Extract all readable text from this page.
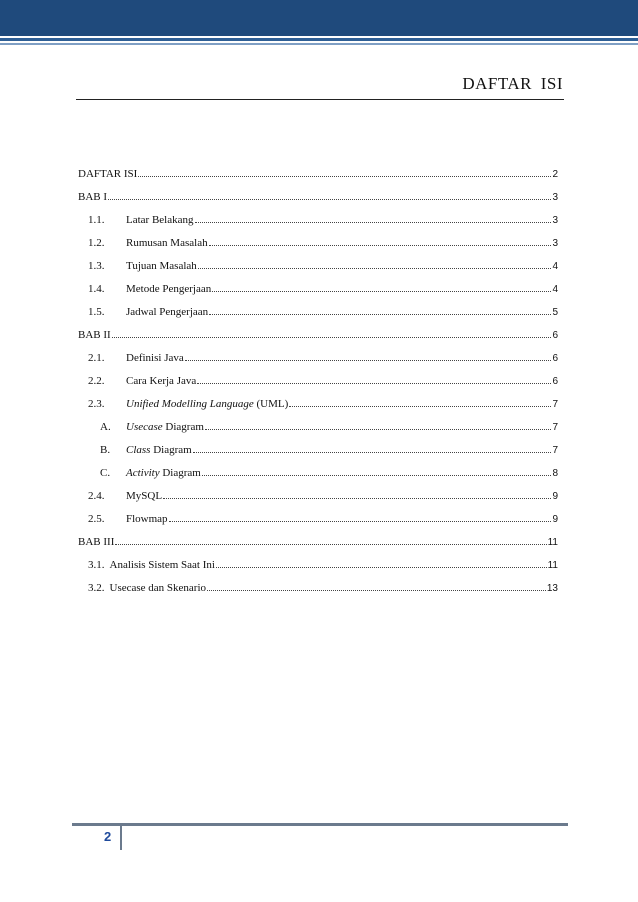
DAFTAR ISI
DAFTAR ISI	2
BAB I	3
1.1.	Latar Belakang	3
1.2.	Rumusan Masalah	3
1.3.	Tujuan Masalah	4
1.4.	Metode Pengerjaan	4
1.5.	Jadwal Pengerjaan	5
BAB II	6
2.1.	Definisi Java	6
2.2.	Cara Kerja Java	6
2.3.	Unified Modelling Language (UML)	7
A.	Usecase Diagram	7
B.	Class Diagram	7
C.	Activity Diagram	8
2.4.	MySQL	9
2.5.	Flowmap	9
BAB III	11
3.1. Analisis Sistem Saat Ini	11
3.2. Usecase dan Skenario	13
2
